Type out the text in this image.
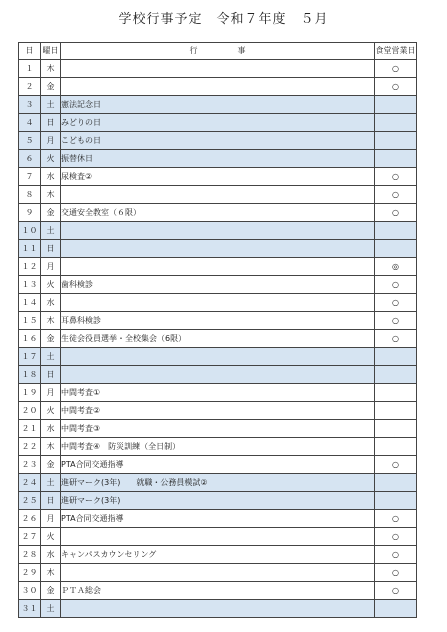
学校行事予定　令和７年度　５月
日	曜日	行　　　　　事	食堂営業日
１	木		○
２	金		○
３	土	憲法記念日	
４	日	みどりの日	
５	月	こどもの日	
６	火	振替休日	
７	水	尿検査②	○
８	木		○
９	金	交通安全教室（６限）	○
１０	土		
１１	日		
１２	月		◎
１３	火	歯科検診	○
１４	水		○
１５	木	耳鼻科検診	○
１６	金	生徒会役員選挙・全校集会（6限）	○
１７	土		
１８	日		
１９	月	中間考査①	
２０	火	中間考査②	
２１	水	中間考査③	
２２	木	中間考査④　防災訓練（全日制）	
２３	金	PTA合同交通指導	○
２４	土	進研マーク(3年)　　就職・公務員模試②	
２５	日	進研マーク(3年)	
２６	月	PTA合同交通指導	○
２７	火		○
２８	水	キャンパスカウンセリング	○
２９	木		○
３０	金	ＰＴＡ総会	○
３１	土		
